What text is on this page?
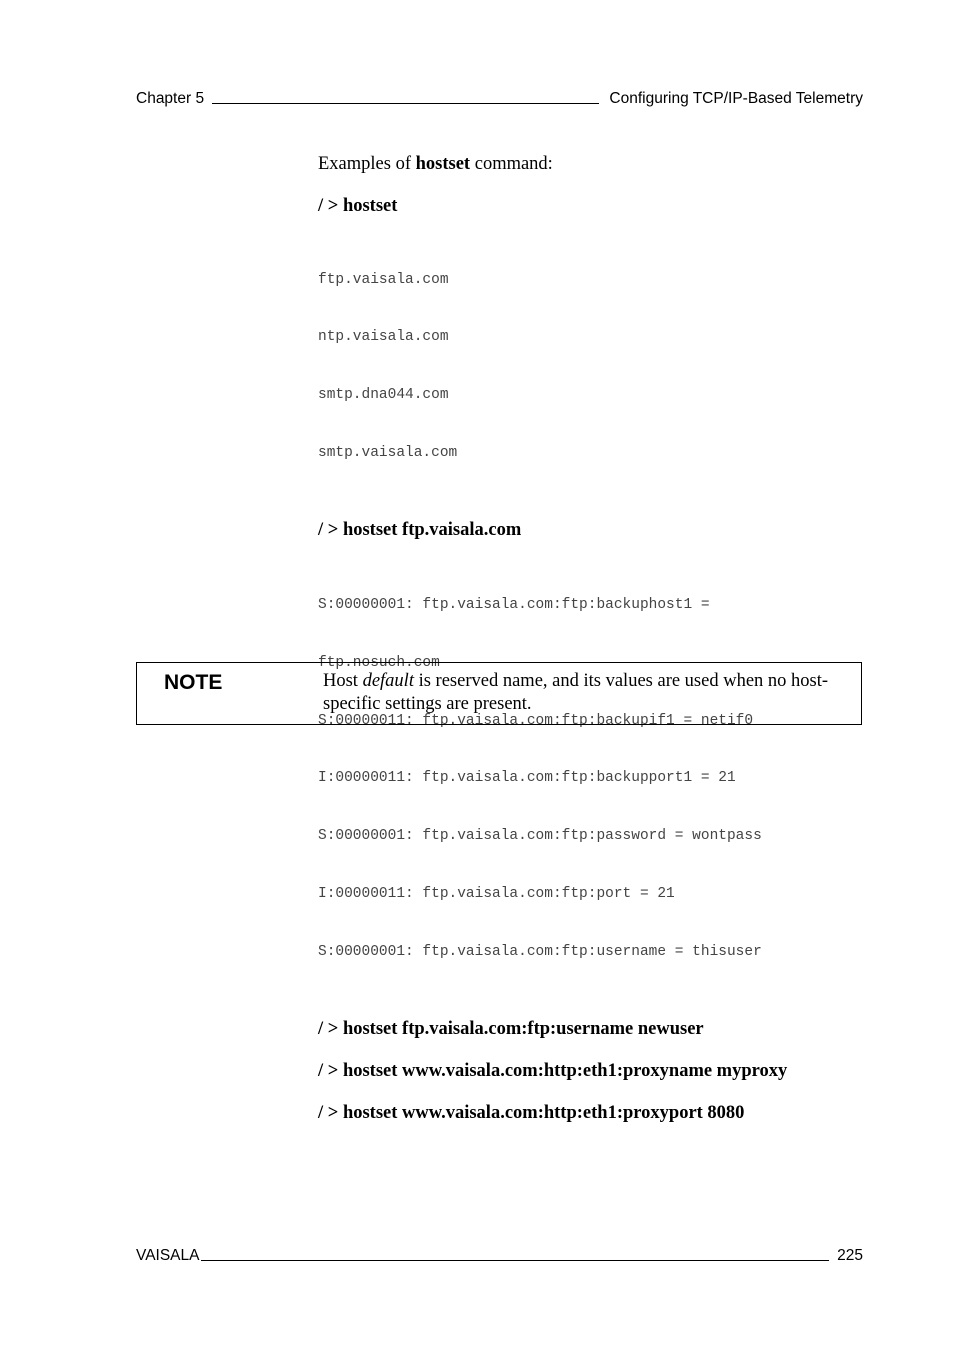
Chapter 5	Configuring TCP/IP-Based Telemetry

Examples of hostset command:

/ > hostset

ftp.vaisala.com

ntp.vaisala.com

smtp.dna044.com

smtp.vaisala.com

/ > hostset ftp.vaisala.com

S:00000001: ftp.vaisala.com:ftp:backuphost1 =

ftp.nosuch.com

S:00000011: ftp.vaisala.com:ftp:backupif1 = netif0

I:00000011: ftp.vaisala.com:ftp:backupport1 = 21

S:00000001: ftp.vaisala.com:ftp:password = wontpass

I:00000011: ftp.vaisala.com:ftp:port = 21

S:00000001: ftp.vaisala.com:ftp:username = thisuser

/ > hostset ftp.vaisala.com:ftp:username newuser

/ > hostset www.vaisala.com:http:eth1:proxyname myproxy

/ > hostset www.vaisala.com:http:eth1:proxyport 8080

NOTE	Host default is reserved name, and its values are used when no host-specific settings are present.
VAISALA	225
